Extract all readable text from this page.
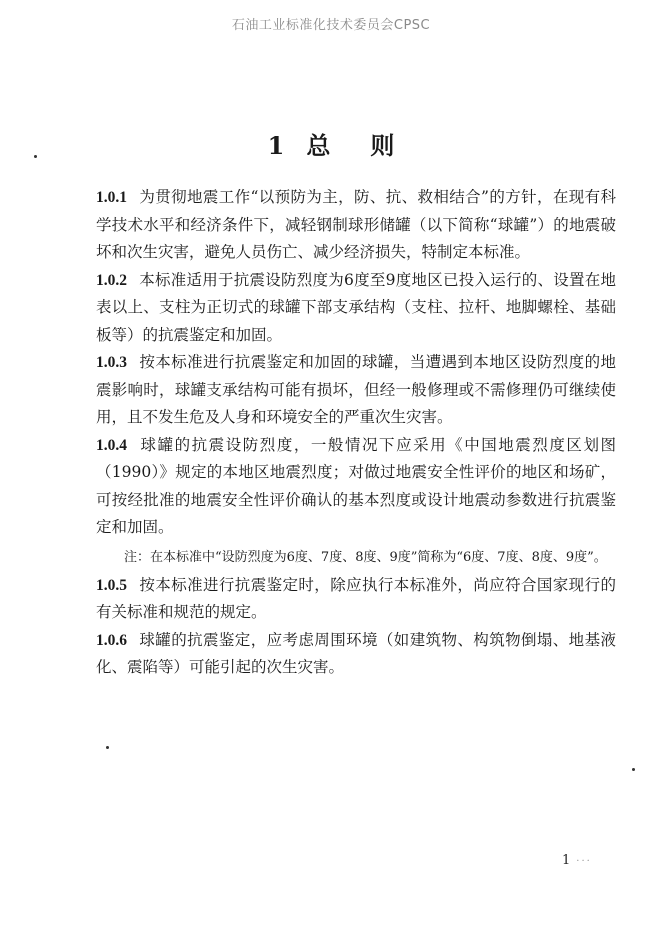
石油工业标准化技术委员会CPSC
1 总 则

1.0.1 为贯彻地震工作“以预防为主，防、抗、救相结合”的方针，在现有科学技术水平和经济条件下，减轻钢制球形储罐（以下简称“球罐”）的地震破坏和次生灾害，避免人员伤亡、减少经济损失，特制定本标准。

1.0.2 本标准适用于抗震设防烈度为6度至9度地区已投入运行的、设置在地表以上、支柱为正切式的球罐下部支承结构（支柱、拉杆、地脚螺栓、基础板等）的抗震鉴定和加固。

1.0.3 按本标准进行抗震鉴定和加固的球罐，当遭遇到本地区设防烈度的地震影响时，球罐支承结构可能有损坏，但经一般修理或不需修理仍可继续使用，且不发生危及人身和环境安全的严重次生灾害。

1.0.4 球罐的抗震设防烈度，一般情况下应采用《中国地震烈度区划图（1990）》规定的本地区地震烈度；对做过地震安全性评价的地区和场矿，可按经批准的地震安全性评价确认的基本烈度或设计地震动参数进行抗震鉴定和加固。

注：在本标准中“设防烈度为6度、7度、8度、9度”简称为“6度、7度、8度、9度”。

1.0.5 按本标准进行抗震鉴定时，除应执行本标准外，尚应符合国家现行的有关标准和规范的规定。

1.0.6 球罐的抗震鉴定，应考虑周围环境（如建筑物、构筑物倒塌、地基液化、震陷等）可能引起的次生灾害。

1 ···
